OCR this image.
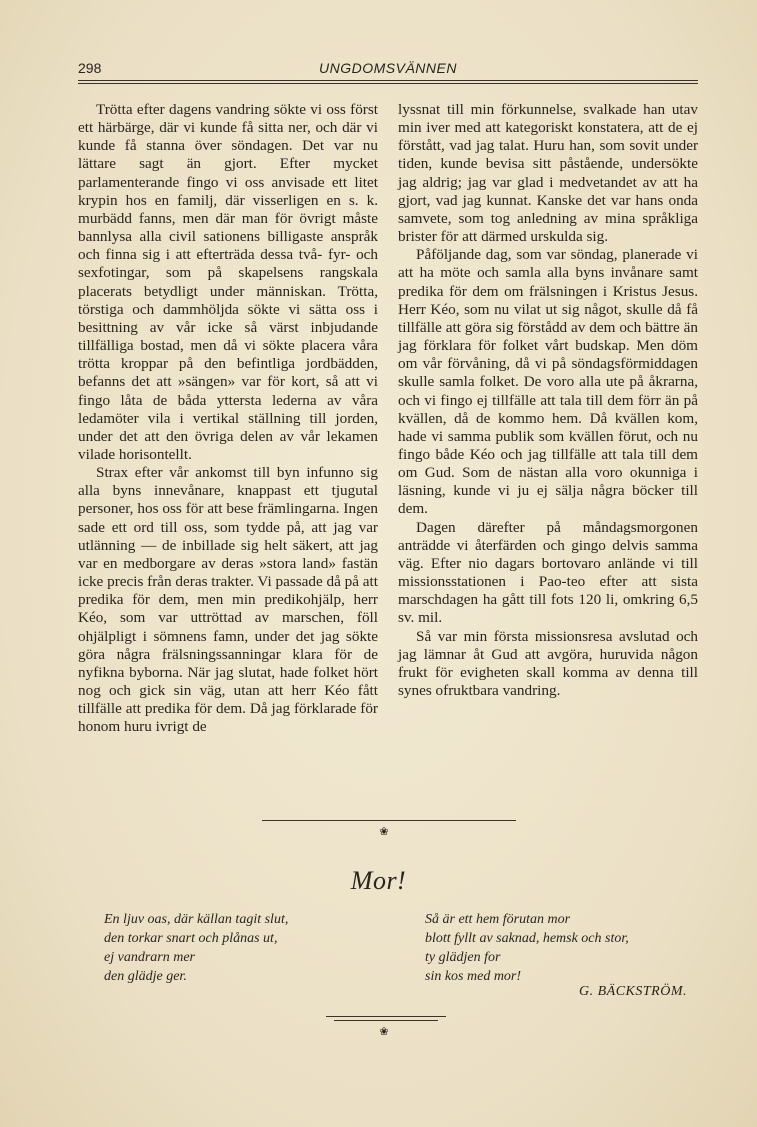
298	UNGDOMSVÄNNEN

Trötta efter dagens vandring sökte vi oss först ett härbärge, där vi kunde få sitta ner, och där vi kunde få stanna över söndagen. Det var nu lättare sagt än gjort. Efter mycket parlamenterande fingo vi oss anvisade ett litet krypin hos en familj, där visserligen en s. k. murbädd fanns, men där man för övrigt måste bannlysa alla civil sationens billigaste anspråk och finna sig i att efterträda dessa två- fyr- och sexfotingar, som på skapelsens rangskala placerats betydligt under människan. Trötta, törstiga och dammhöljda sökte vi sätta oss i besittning av vår icke så värst inbjudande tillfälliga bostad, men då vi sökte placera våra trötta kroppar på den befintliga jordbädden, befanns det att »sängen» var för kort, så att vi fingo låta de båda yttersta lederna av våra ledamöter vila i vertikal ställning till jorden, under det att den övriga delen av vår lekamen vilade horisontellt.

Strax efter vår ankomst till byn infunno sig alla byns innevånare, knappast ett tjugutal personer, hos oss för att bese främlingarna. Ingen sade ett ord till oss, som tydde på, att jag var utlänning — de inbillade sig helt säkert, att jag var en medborgare av deras »stora land» fastän icke precis från deras trakter. Vi passade då på att predika för dem, men min predikohjälp, herr Kéo, som var uttröttad av marschen, föll ohjälpligt i sömnens famn, under det jag sökte göra några frälsningssanningar klara för de nyfikna byborna. När jag slutat, hade folket hört nog och gick sin väg, utan att herr Kéo fått tillfälle att predika för dem. Då jag förklarade för honom huru ivrigt de

lyssnat till min förkunnelse, svalkade han utav min iver med att kategoriskt konstatera, att de ej förstått, vad jag talat. Huru han, som sovit under tiden, kunde bevisa sitt påstående, undersökte jag aldrig; jag var glad i medvetandet av att ha gjort, vad jag kunnat. Kanske det var hans onda samvete, som tog anledning av mina språkliga brister för att därmed urskulda sig.

Påföljande dag, som var söndag, planerade vi att ha möte och samla alla byns invånare samt predika för dem om frälsningen i Kristus Jesus. Herr Kéo, som nu vilat ut sig något, skulle då få tillfälle att göra sig förstådd av dem och bättre än jag förklara för folket vårt budskap. Men döm om vår förvåning, då vi på söndagsförmiddagen skulle samla folket. De voro alla ute på åkrarna, och vi fingo ej tillfälle att tala till dem förr än på kvällen, då de kommo hem. Då kvällen kom, hade vi samma publik som kvällen förut, och nu fingo både Kéo och jag tillfälle att tala till dem om Gud. Som de nästan alla voro okunniga i läsning, kunde vi ju ej sälja några böcker till dem.

Dagen därefter på måndagsmorgonen anträdde vi återfärden och gingo delvis samma väg. Efter nio dagars bortovaro anlände vi till missionsstationen i Pao-teo efter att sista marschdagen ha gått till fots 120 li, omkring 6,5 sv. mil.

Så var min första missionsresa avslutad och jag lämnar åt Gud att avgöra, huruvida någon frukt för evigheten skall komma av denna till synes ofruktbara vandring.

❀
Mor!
En ljuv oas, där källan tagit slut,
den torkar snart och plånas ut,
ej vandrarn mer
den glädje ger.
Så är ett hem förutan mor
blott fyllt av saknad, hemsk och stor,
ty glädjen for
sin kos med mor!
G. BÄCKSTRÖM.
❀
